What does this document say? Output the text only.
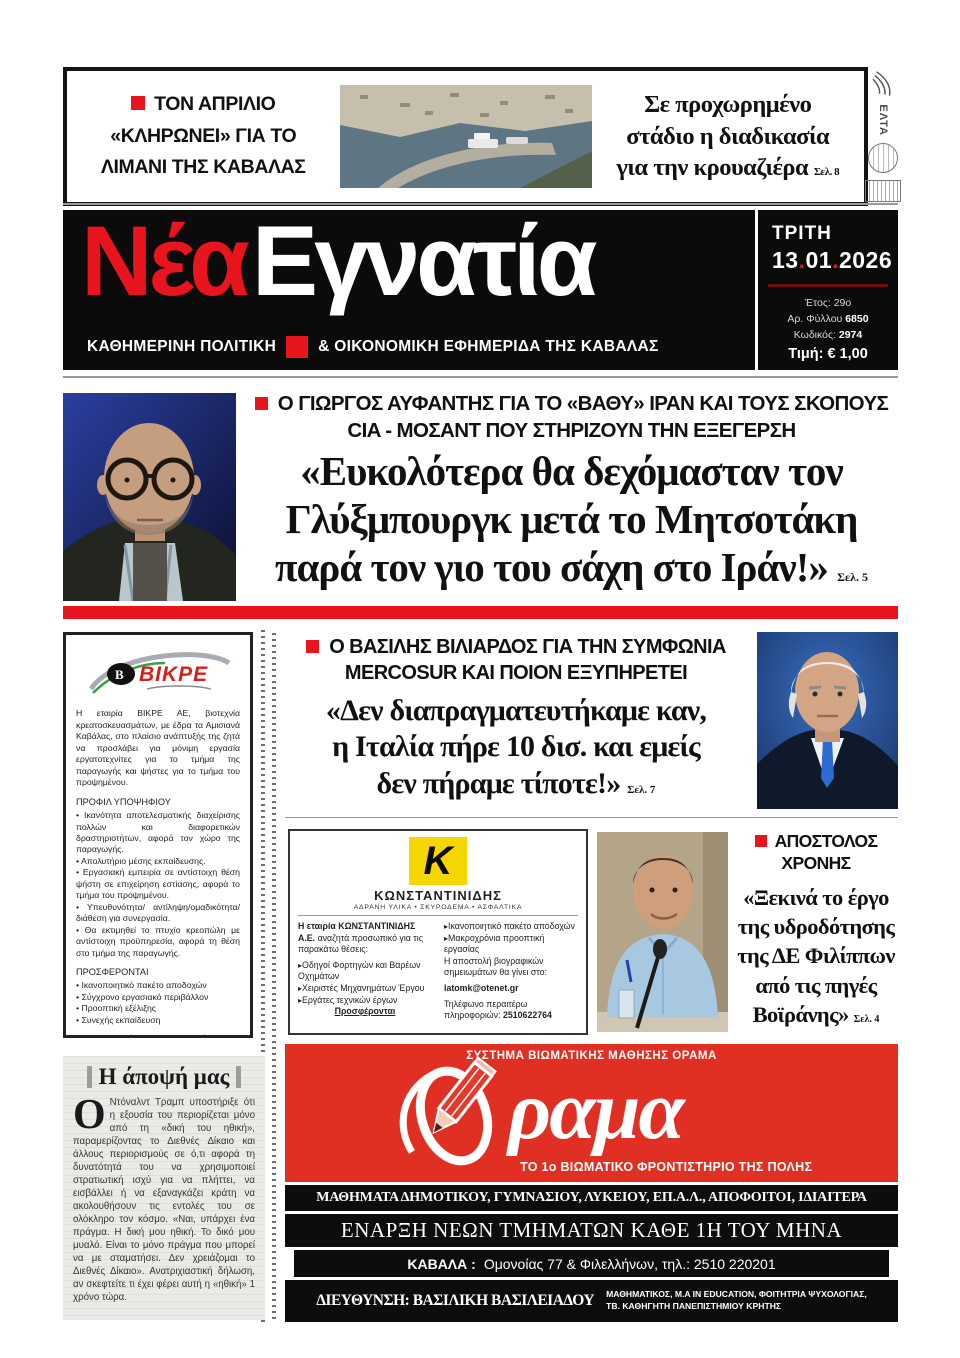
ΤΟΝ ΑΠΡΙΛΙΟ
«ΚΛΗΡΩΝΕΙ» ΓΙΑ ΤΟ
ΛΙΜΑΝΙ ΤΗΣ ΚΑΒΑΛΑΣ
Σε προχωρημένο
στάδιο η διαδικασία
για την κρουαζιέρα Σελ. 8
ΕΛΤΑ
ΝέαΕγνατία
ΚΑΘΗΜΕΡΙΝΗ ΠΟΛΙΤΙΚΗ	& ΟΙΚΟΝΟΜΙΚΗ ΕΦΗΜΕΡΙΔΑ ΤΗΣ ΚΑΒΑΛΑΣ
ΤΡΙΤΗ
13.01.2026
Έτος: 29ο
Αρ. Φύλλου 6850
Κωδικός: 2974
Τιμή: € 1,00
Ο ΓΙΩΡΓΟΣ ΑΥΦΑΝΤΗΣ ΓΙΑ ΤΟ «ΒΑΘΥ» ΙΡΑΝ ΚΑΙ ΤΟΥΣ ΣΚΟΠΟΥΣ
CIA - ΜΟΣΑΝΤ ΠΟΥ ΣΤΗΡΙΖΟΥΝ ΤΗΝ ΕΞΕΓΕΡΣΗ
«Ευκολότερα θα δεχόμασταν τον
Γλύξμπουργκ μετά το Μητσοτάκη
παρά τον γιο του σάχη στο Ιράν!» Σελ. 5
Β ΒΙΚΡΕ

Η εταιρία ΒΙΚΡΕ ΑΕ, βιοτεχνία κρεατοσκευασμάτων, με έδρα τα Αμισιανά Καβάλας, στο πλαίσιο ανάπτυξής της ζητά να προσλάβει για μόνιμη εργασία εργατοτεχνίτες για το τμήμα της παραγωγής και ψήστες για το τμήμα του προψημένου.

ΠΡΟΦΙΛ ΥΠΟΨΗΦΙΟΥ
• Ικανότητα αποτελεσματικής διαχείρισης πολλών και διαφορετικών δραστηριοτήτων, αφορά τον χώρο της παραγωγής.
• Απολυτήριο μέσης εκπαίδευσης.
• Εργασιακή εμπειρία σε αντίστοιχη θέση ψήστη σε επιχείρηση εστίασης, αφορά το τμήμα του προψημένου.
• Υπευθυνότητα/ αντίληψη/ομαδικότητα/ διάθεση για συνεργασία.
• Θα εκτιμηθεί το πτυχίο κρεοπώλη με αντίστοιχη προϋπηρεσία, αφορά τη θέση στο τμήμα της παραγωγής.
ΠΡΟΣΦΕΡΟΝΤΑΙ
• Ικανοποιητικό πακέτο αποδοχών
• Σύγχρονο εργασιακό περιβάλλον
• Προοπτική εξέλιξης
• Συνεχής εκπαίδευση

Ο ΒΑΣΙΛΗΣ ΒΙΛΙΑΡΔΟΣ ΓΙΑ ΤΗΝ ΣΥΜΦΩΝΙΑ
MERCOSUR ΚΑΙ ΠΟΙΟΝ ΕΞΥΠΗΡΕΤΕΙ
«Δεν διαπραγματευτήκαμε καν,
η Ιταλία πήρε 10 δισ. και εμείς
δεν πήραμε τίποτε!» Σελ. 7
K
ΚΩΝΣΤΑΝΤΙΝΙΔΗΣ
ΑΔΡΑΝΗ ΥΛΙΚΑ • ΣΚΥΡΟΔΕΜΑ • ΑΣΦΑΛΤΙΚΑ

Η εταιρία ΚΩΝΣΤΑΝΤΙΝΙΔΗΣ Α.Ε. αναζητά προσωπικό για τις παρακάτω θέσεις:

▸ Οδηγοί Φορτηγών και Βαρέων Οχημάτων

▸ Χειριστές Μηχανημάτων Έργου

▸ Εργάτες τεχνικών έργων

Προσφέρονται

▸ Ικανοποιητικό πακέτο αποδοχών

▸ Μακροχρόνια προοπτική εργασίας

Η αποστολή βιογραφικών σημειωμάτων θα γίνει στο:

latomk@otenet.gr

Τηλέφωνο περαιτέρω πληροφοριών: 2510622764

ΑΠΟΣΤΟΛΟΣ
ΧΡΟΝΗΣ
«Ξεκινά το έργο
της υδροδότησης
της ΔΕ Φιλίππων
από τις πηγές
Βοϊράνης» Σελ. 4
Η άποψή μας
Ο Ντόναλντ Τραμπ υποστήριξε ότι η εξουσία του περιορίζεται μόνο από τη «δική του ηθική», παραμερίζοντας το Διεθνές Δίκαιο και άλλους περιορισμούς σε ό,τι αφορά τη δυνατότητά του να χρησιμοποιεί στρατιωτική ισχύ για να πλήττει, να εισβάλλει ή να εξαναγκάζει κράτη να ακολουθήσουν τις εντολές του σε ολόκληρο τον κόσμο. «Ναι, υπάρχει ένα πράγμα. Η δική μου ηθική. Το δικό μου μυαλό. Είναι το μόνο πράγμα που μπορεί να με σταματήσει. Δεν χρειάζομαι το Διεθνές Δίκαιο». Ανατριχιαστική δήλωση, αν σκεφτείτε τι έχει φέρει αυτή η «ηθική» 1 χρόνο τώρα.
ΣΥΣΤΗΜΑ ΒΙΩΜΑΤΙΚΗΣ ΜΑΘΗΣΗΣ ΟΡΑΜΑ
ραμα
ΤΟ 1ο ΒΙΩΜΑΤΙΚΟ ΦΡΟΝΤΙΣΤΗΡΙΟ ΤΗΣ ΠΟΛΗΣ
ΜΑΘΗΜΑΤΑ ΔΗΜΟΤΙΚΟΥ, ΓΥΜΝΑΣΙΟΥ, ΛΥΚΕΙΟΥ, ΕΠ.Α.Λ., ΑΠΟΦΟΙΤΟΙ, ΙΔΙΑΙΤΕΡΑ
ΕΝΑΡΞΗ ΝΕΩΝ ΤΜΗΜΑΤΩΝ ΚΑΘΕ 1Η ΤΟΥ ΜΗΝΑ
ΚΑΒΑΛΑ : Ομονοίας 77 & Φιλελλήνων, τηλ.: 2510 220201
ΔΙΕΥΘΥΝΣΗ: ΒΑΣΙΛΙΚΗ ΒΑΣΙΛΕΙΑΔΟΥ ΜΑΘΗΜΑΤΙΚΟΣ, M.A IN EDUCATION, ΦΟΙΤΗΤΡΙΑ ΨΥΧΟΛΟΓΙΑΣ,
ΤΒ. ΚΑΘΗΓΗΤΗ ΠΑΝΕΠΙΣΤΗΜΙΟΥ ΚΡΗΤΗΣ
